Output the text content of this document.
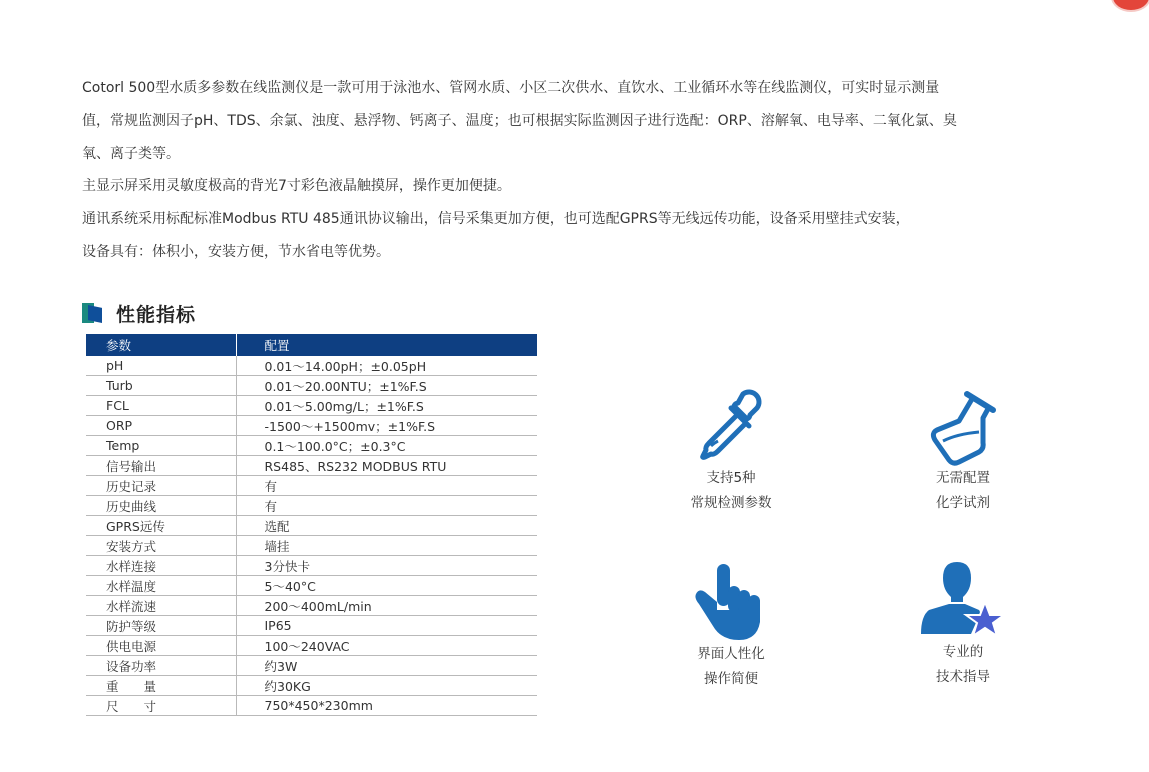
Cotorl 500型水质多参数在线监测仪是一款可用于泳池水、管网水质、小区二次供水、直饮水、工业循环水等在线监测仪，可实时显示测量

值，常规监测因子pH、TDS、余氯、浊度、悬浮物、钙离子、温度；也可根据实际监测因子进行选配：ORP、溶解氧、电导率、二氧化氯、臭

氧、离子类等。

主显示屏采用灵敏度极高的背光7寸彩色液晶触摸屏，操作更加便捷。

通讯系统采用标配标准Modbus RTU 485通讯协议输出，信号采集更加方便，也可选配GPRS等无线远传功能，设备采用壁挂式安装，

设备具有：体积小，安装方便，节水省电等优势。

性能指标
参数	配置
pH	0.01～14.00pH；±0.05pH
Turb	0.01～20.00NTU；±1%F.S
FCL	0.01～5.00mg/L；±1%F.S
ORP	-1500～+1500mv；±1%F.S
Temp	0.1～100.0°C；±0.3°C
信号输出	RS485、RS232 MODBUS RTU
历史记录	有
历史曲线	有
GPRS远传	选配
安装方式	墙挂
水样连接	3分快卡
水样温度	5～40°C
水样流速	200～400mL/min
防护等级	IP65
供电电源	100～240VAC
设备功率	约3W
重　　量	约30KG
尺　　寸	750*450*230mm
支持5种
常规检测参数
无需配置
化学试剂
界面人性化
操作简便
专业的
技术指导
